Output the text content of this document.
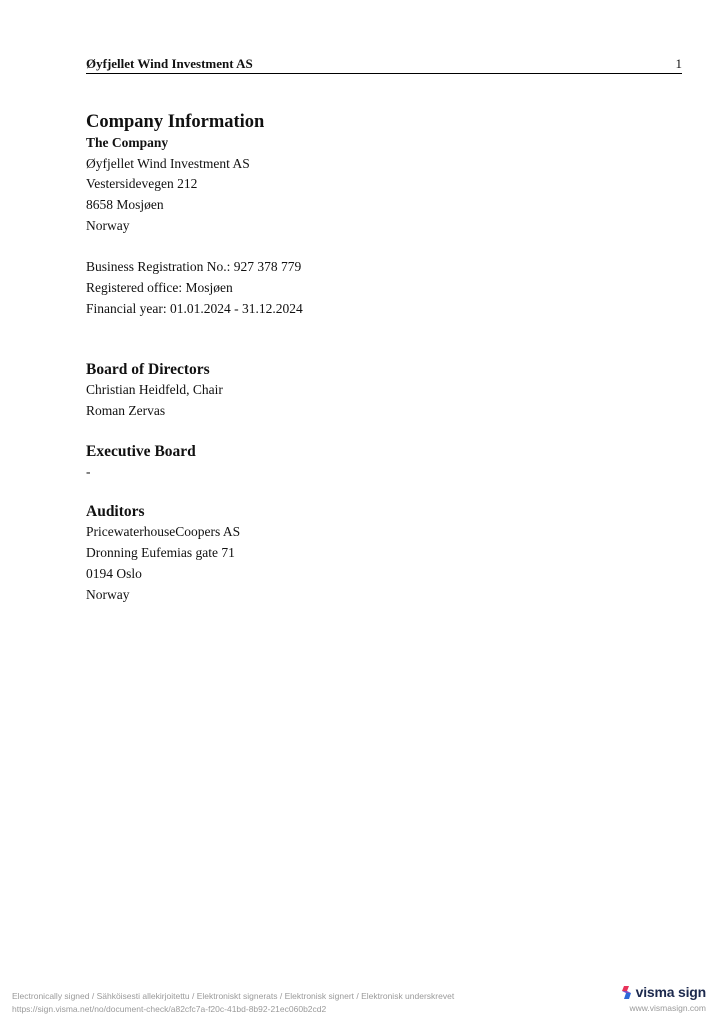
Øyfjellet Wind Investment AS	1
Company Information

The Company

Øyfjellet Wind Investment AS

Vestersidevegen 212

8658 Mosjøen

Norway

Business Registration No.: 927 378 779

Registered office: Mosjøen

Financial year: 01.01.2024 - 31.12.2024

Board of Directors

Christian Heidfeld, Chair

Roman Zervas

Executive Board

-

Auditors

PricewaterhouseCoopers AS

Dronning Eufemias gate 71

0194 Oslo

Norway

Electronically signed / Sähköisesti allekirjoitettu / Elektroniskt signerats / Elektronisk signert / Elektronisk underskrevet
https://sign.visma.net/no/document-check/a82cfc7a-f20c-41bd-8b92-21ec060b2cd2
visma sign
www.vismasign.com
